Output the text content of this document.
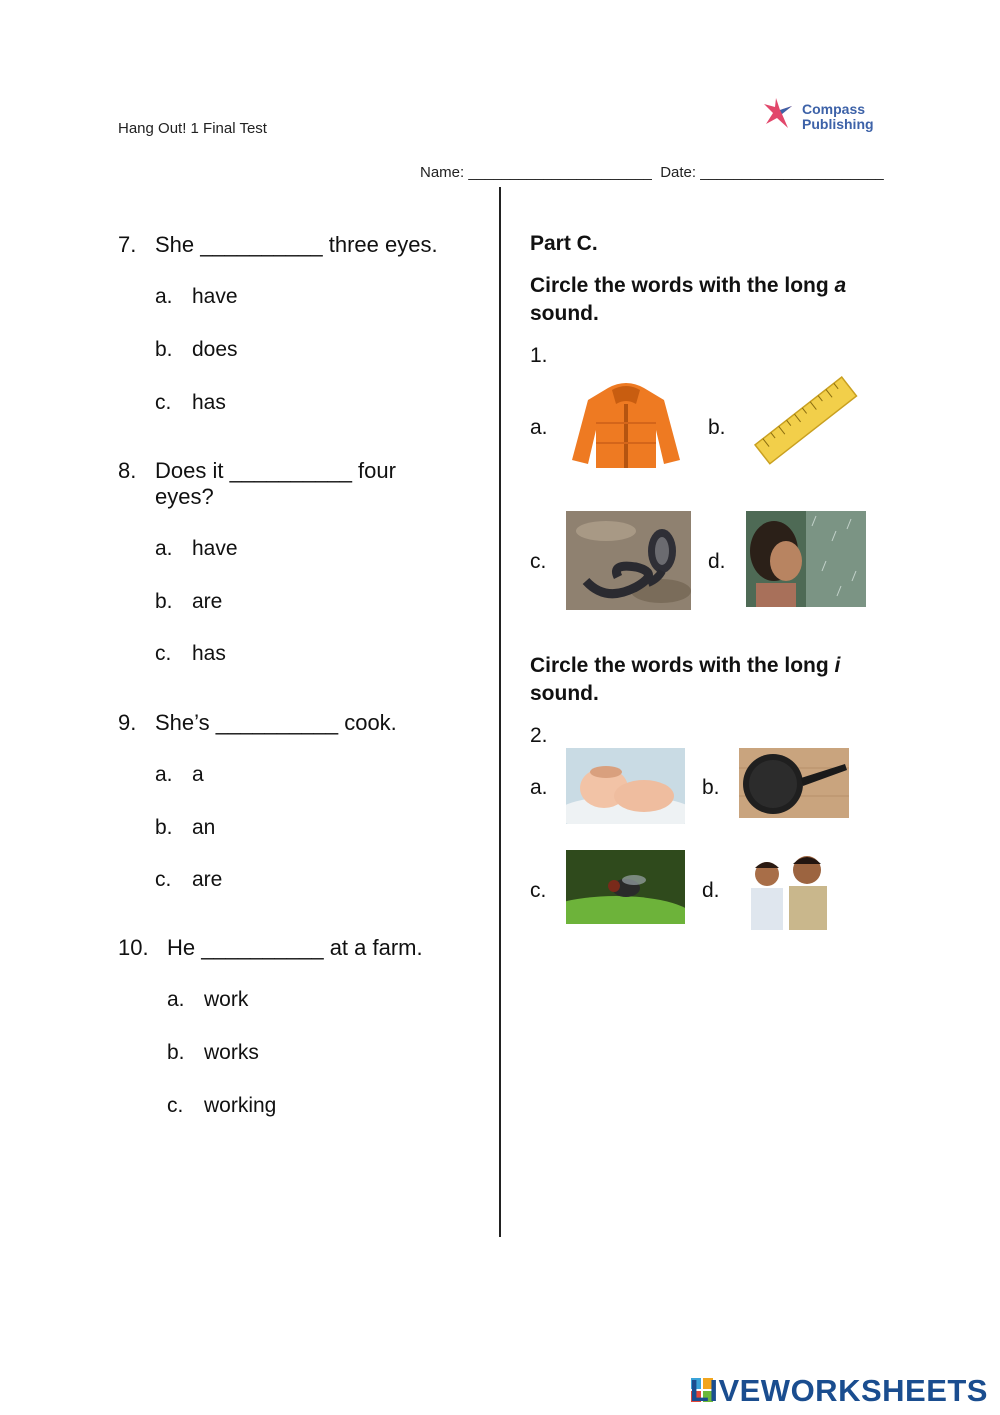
Hang Out! 1 Final Test
Compass
Publishing
Name: ______________________  Date: ______________________
7. She __________ three eyes.
a. have
b. does
c. has
8. Does it __________ four
eyes?
a. have
b. are
c. has
9. She’s __________ cook.
a. a
b. an
c. are
10. He __________ at a farm.
a. work
b. works
c. working
Part C.
Circle the words with the long a
sound.
1.
a.	b.
c.	d.
Circle the words with the long i
sound.
2.
a.	b.
c.	d.
LIVEWORKSHEETS
